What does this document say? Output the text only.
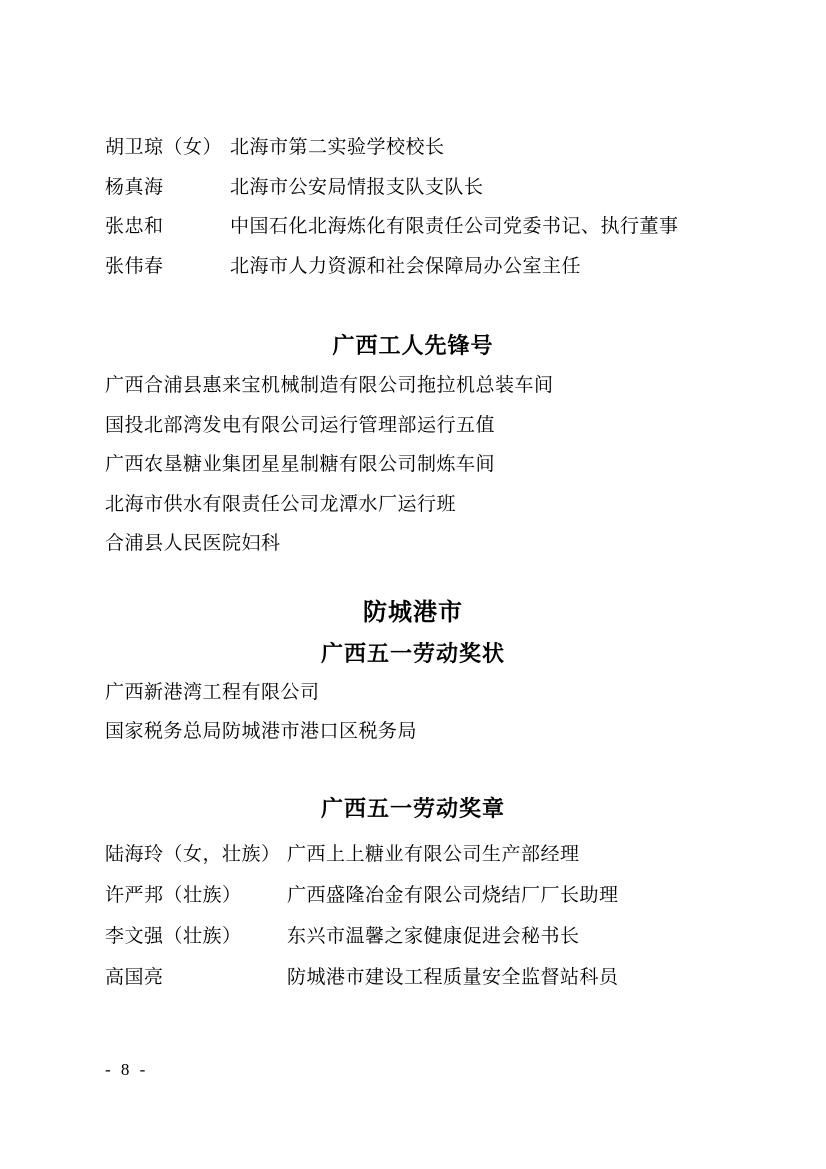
胡卫琼（女） 北海市第二实验学校校长
杨真海	北海市公安局情报支队支队长
张忠和	中国石化北海炼化有限责任公司党委书记、执行董事
张伟春	北海市人力资源和社会保障局办公室主任
广西工人先锋号
广西合浦县惠来宝机械制造有限公司拖拉机总装车间
国投北部湾发电有限公司运行管理部运行五值
广西农垦糖业集团星星制糖有限公司制炼车间
北海市供水有限责任公司龙潭水厂运行班
合浦县人民医院妇科
防城港市
广西五一劳动奖状
广西新港湾工程有限公司
国家税务总局防城港市港口区税务局
广西五一劳动奖章
陆海玲（女，壮族） 广西上上糖业有限公司生产部经理
许严邦（壮族）	广西盛隆冶金有限公司烧结厂厂长助理
李文强（壮族）	东兴市温馨之家健康促进会秘书长
高国亮	防城港市建设工程质量安全监督站科员
- 8 -
